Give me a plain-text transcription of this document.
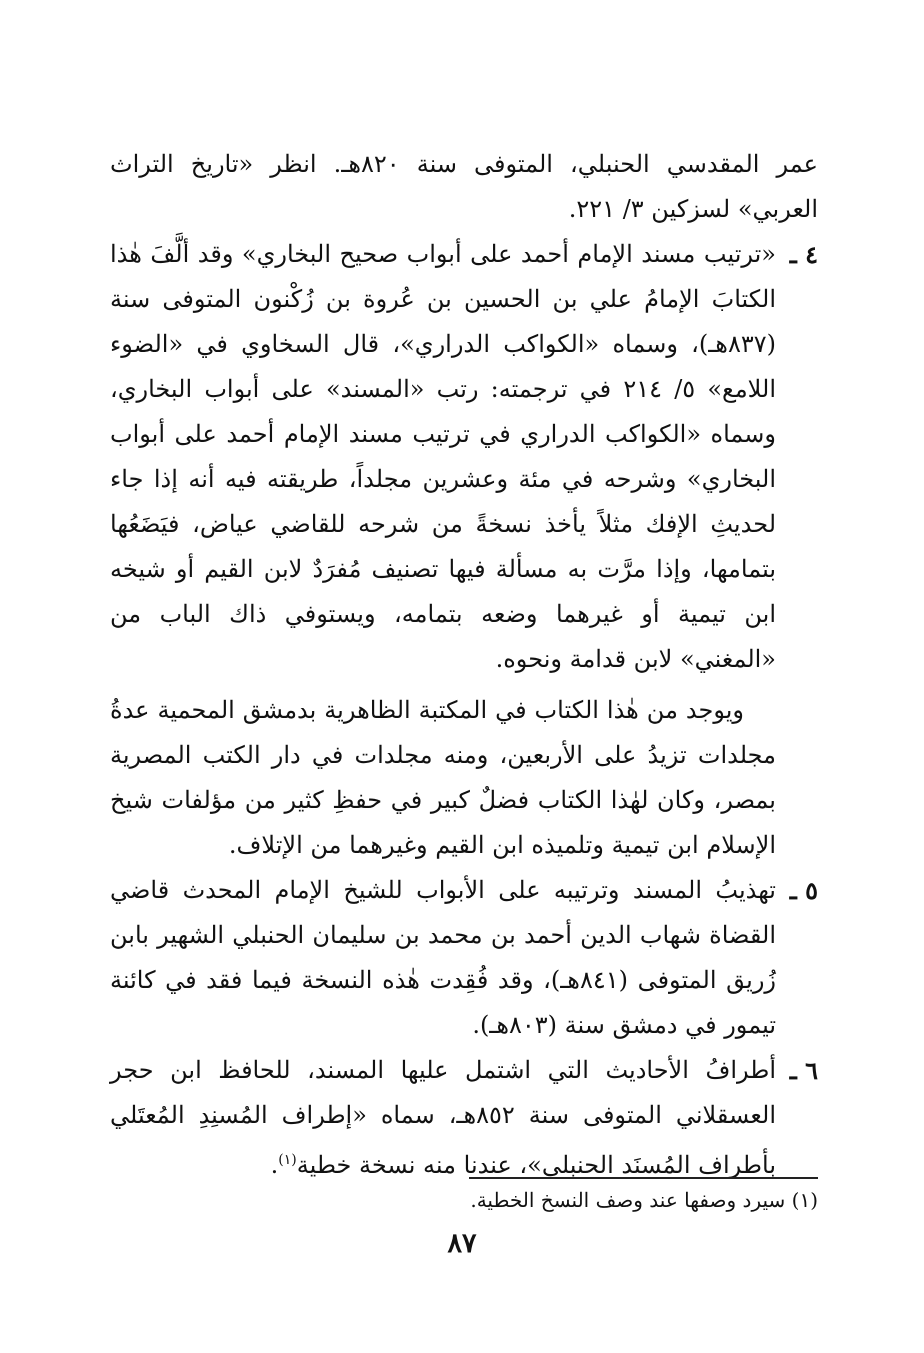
عمر المقدسي الحنبلي، المتوفى سنة ٨٢٠هـ. انظر «تاريخ التراث العربي» لسزكين ٣/ ٢٢١.

٤ ـ
«ترتيب مسند الإمام أحمد على أبواب صحيح البخاري» وقد ألَّفَ هٰذا الكتابَ الإمامُ علي بن الحسين بن عُروة بن زُكْنون المتوفى سنة (٨٣٧هـ)، وسماه «الكواكب الدراري»، قال السخاوي في «الضوء اللامع» ٥/ ٢١٤ في ترجمته: رتب «المسند» على أبواب البخاري، وسماه «الكواكب الدراري في ترتيب مسند الإمام أحمد على أبواب البخاري» وشرحه في مئة وعشرين مجلداً، طريقته فيه أنه إذا جاء لحديثِ الإفك مثلاً يأخذ نسخةً من شرحه للقاضي عياض، فيَضَعُها بتمامها، وإذا مرَّت به مسألة فيها تصنيف مُفرَدٌ لابن القيم أو شيخه ابن تيمية أو غيرهما وضعه بتمامه، ويستوفي ذاك الباب من «المغني» لابن قدامة ونحوه.

ويوجد من هٰذا الكتاب في المكتبة الظاهرية بدمشق المحمية عدةُ مجلدات تزيدُ على الأربعين، ومنه مجلدات في دار الكتب المصرية بمصر، وكان لهٰذا الكتاب فضلٌ كبير في حفظِ كثير من مؤلفات شيخ الإسلام ابن تيمية وتلميذه ابن القيم وغيرهما من الإتلاف.

٥ ـ
تهذيبُ المسند وترتيبه على الأبواب للشيخ الإمام المحدث قاضي القضاة شهاب الدين أحمد بن محمد بن سليمان الحنبلي الشهير بابن زُريق المتوفى (٨٤١هـ)، وقد فُقِدت هٰذه النسخة فيما فقد في كائنة تيمور في دمشق سنة (٨٠٣هـ).
٦ ـ
أطرافُ الأحاديث التي اشتمل عليها المسند، للحافظ ابن حجر العسقلاني المتوفى سنة ٨٥٢هـ، سماه «إطراف المُسنِدِ المُعتَلي بأطراف المُسنَد الحنبلي»، عندنا منه نسخة خطية$^{(١)}$.
(١) سيرد وصفها عند وصف النسخ الخطية.
٨٧
